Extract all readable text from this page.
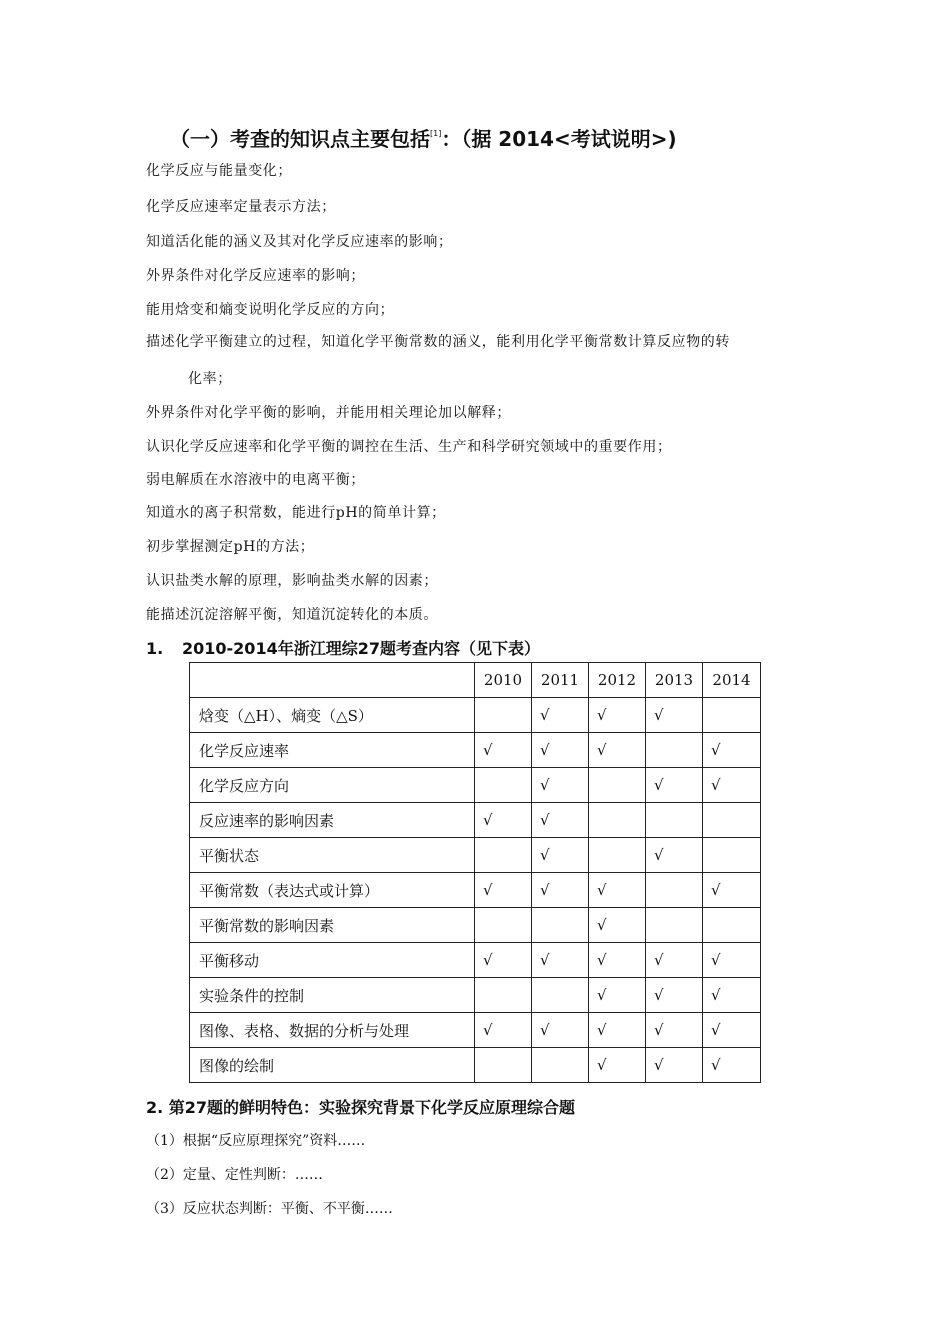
（一）考查的知识点主要包括[1]：（据 2014<考试说明>)
化学反应与能量变化；
化学反应速率定量表示方法；
知道活化能的涵义及其对化学反应速率的影响；
外界条件对化学反应速率的影响；
能用焓变和熵变说明化学反应的方向；
描述化学平衡建立的过程，知道化学平衡常数的涵义，能利用化学平衡常数计算反应物的转
化率；
外界条件对化学平衡的影响，并能用相关理论加以解释；
认识化学反应速率和化学平衡的调控在生活、生产和科学研究领域中的重要作用；
弱电解质在水溶液中的电离平衡；
知道水的离子积常数，能进行pH的简单计算；
初步掌握测定pH的方法；
认识盐类水解的原理，影响盐类水解的因素；
能描述沉淀溶解平衡，知道沉淀转化的本质。
1. 2010-2014年浙江理综27题考查内容（见下表）
	2010	2011	2012	2013	2014
焓变（△H）、熵变（△S）		√	√	√	
化学反应速率	√	√	√		√
化学反应方向		√		√	√
反应速率的影响因素	√	√			
平衡状态		√		√	
平衡常数（表达式或计算）	√	√	√		√
平衡常数的影响因素			√		
平衡移动	√	√	√	√	√
实验条件的控制			√	√	√
图像、表格、数据的分析与处理	√	√	√	√	√
图像的绘制			√	√	√
2. 第27题的鲜明特色：实验探究背景下化学反应原理综合题
（1）根据“反应原理探究”资料……
（2）定量、定性判断：……
（3）反应状态判断：平衡、不平衡……
